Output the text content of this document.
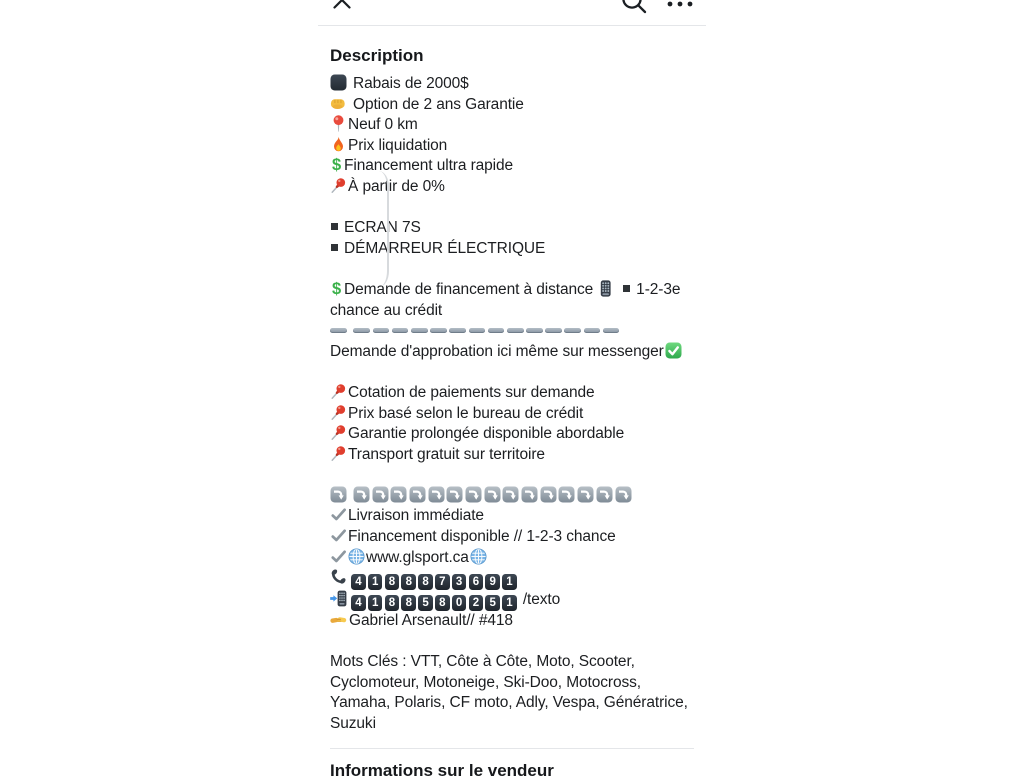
Description
Rabais de 2000$
Option de 2 ans Garantie
Neuf 0 km
Prix liquidation
Financement ultra rapide
À partir de 0%
ECRAN 7S
DÉMARREUR ÉLECTRIQUE
Demande de financement à distance	1-2-3e chance au crédit

Demande d'approbation ici même sur messenger
Cotation de paiements sur demande
Prix basé selon le bureau de crédit
Garantie prolongée disponible abordable
Transport gratuit sur territoire

Livraison immédiate
Financement disponible // 1-2-3 chance
www.glsport.ca
4 1 8 8 8 7 3 6 9 1
4 1 8 8 5 8 0 2 5 1 /texto
Gabriel Arsenault// #418
Mots Clés : VTT, Côte à Côte, Moto, Scooter, Cyclomoteur, Motoneige, Ski-Doo, Motocross, Yamaha, Polaris, CF moto, Adly, Vespa, Génératrice, Suzuki
Informations sur le vendeur
